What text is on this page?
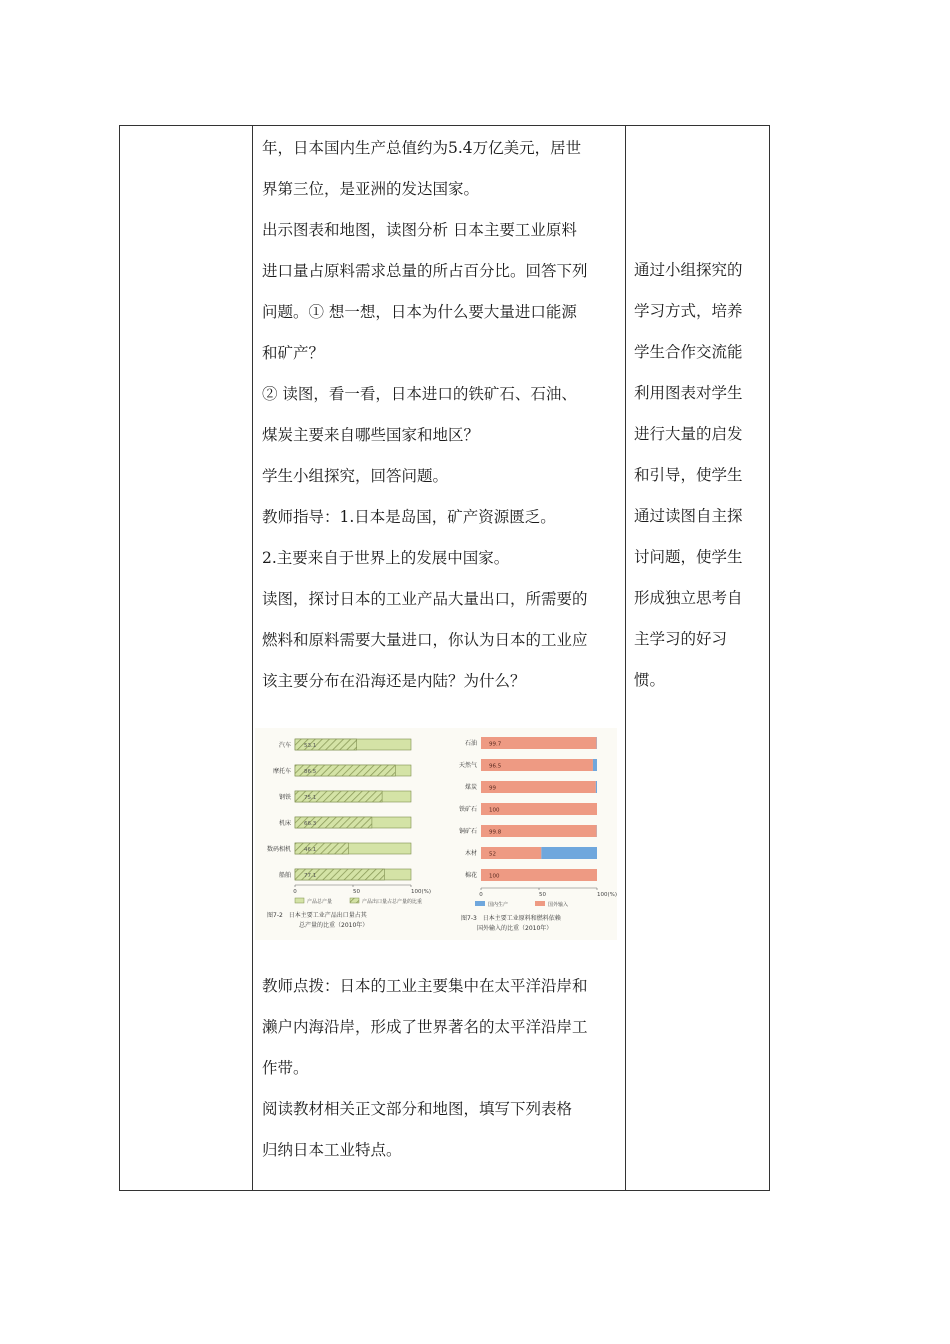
年，日本国内生产总值约为5.4万亿美元，居世

界第三位，是亚洲的发达国家。

出示图表和地图，读图分析 日本主要工业原料

进口量占原料需求总量的所占百分比。回答下列

问题。① 想一想，日本为什么要大量进口能源

和矿产？

② 读图，看一看，日本进口的铁矿石、石油、

煤炭主要来自哪些国家和地区？

学生小组探究，回答问题。

教师指导：1.日本是岛国，矿产资源匮乏。

2.主要来自于世界上的发展中国家。

读图，探讨日本的工业产品大量出口，所需要的

燃料和原料需要大量进口，你认为日本的工业应

该主要分布在沿海还是内陆？为什么？

通过小组探究的
学习方式，培养
学生合作交流能
利用图表对学生
进行大量的启发
和引导，使学生
通过读图自主探
讨问题，使学生
形成独立思考自
主学习的好习
惯。
汽车 53.1
摩托车 86.5
钢铁 75.1
机床 66.3
数码相机 46.1
船舶 77.1
0	50	100(%)
产品总产量	产品出口量占总产量的比重
图7-2　日本主要工业产品出口量占其
总产量的比重（2010年）
石油 99.7
天然气 96.5
煤炭 99
铁矿石 100
铜矿石 99.8
木材 52
棉花 100
0	50	100(%)
国内生产	国外输入
图7-3　日本主要工业原料和燃料依赖
国外输入的比重（2010年）

教师点拨：日本的工业主要集中在太平洋沿岸和

濑户内海沿岸，形成了世界著名的太平洋沿岸工

作带。

阅读教材相关正文部分和地图，填写下列表格

归纳日本工业特点。
